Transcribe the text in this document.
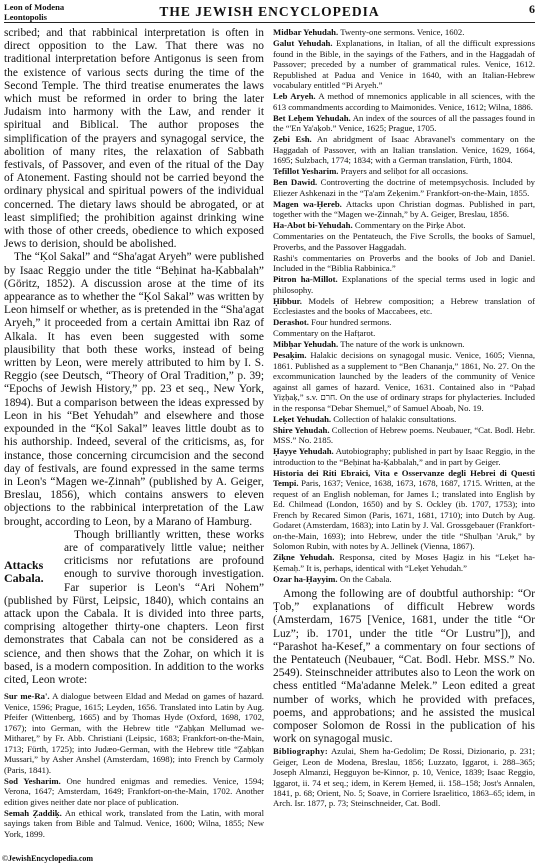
Leon of Modena
Leontopolis	THE JEWISH ENCYCLOPEDIA	6

scribed; and that rabbinical interpretation is often in direct opposition to the Law. That there was no traditional interpretation before Antigonus is seen from the existence of various sects during the time of the Second Temple. The third treatise enumerates the laws which must be reformed in order to bring the later Judaism into harmony with the Law, and render it spiritual and Biblical. The author proposes the simplification of the prayers and synagogal service, the abolition of many rites, the relaxation of Sabbath festivals, of Passover, and even of the ritual of the Day of Atonement. Fasting should not be carried beyond the ordinary physical and spiritual powers of the individual concerned. The dietary laws should be abrogated, or at least simplified; the prohibition against drinking wine with those of other creeds, obedience to which exposed Jews to derision, should be abolished.

The “Ḳol Sakal” and “Sha'agat Aryeh” were published by Isaac Reggio under the title “Beḥinat ha-Ḳabbalah” (Göritz, 1852). A discussion arose at the time of its appearance as to whether the “Ḳol Sakal” was written by Leon himself or whether, as is pretended in the “Sha'agat Aryeh,” it proceeded from a certain Amittai ibn Raz of Alkala. It has even been suggested with some plausibility that both these works, instead of being written by Leon, were merely attributed to him by I. S. Reggio (see Deutsch, “Theory of Oral Tradition,” p. 39; “Epochs of Jewish History,” pp. 23 et seq., New York, 1894). But a comparison between the ideas expressed by Leon in his “Bet Yehudah” and elsewhere and those expounded in the “Ḳol Sakal” leaves little doubt as to his authorship. Indeed, several of the criticisms, as, for instance, those concerning circumcision and the second day of festivals, are found expressed in the same terms in Leon's “Magen we-Ẓinnah” (published by A. Geiger, Breslau, 1856), which contains answers to eleven objections to the rabbinical interpretation of the Law brought, according to Leon, by a Marano of Hamburg.

Attacks Cabala.

Though brilliantly written, these works are of comparatively little value; neither criticisms nor refutations are profound enough to survive thorough investigation. Far superior is Leon's “Ari Nohem” (published by Fürst, Leipsic, 1840), which contains an attack upon the Cabala. It is divided into three parts, comprising altogether thirty-one chapters. Leon first demonstrates that Cabala can not be considered as a science, and then shows that the Zohar, on which it is based, is a modern composition. In addition to the works cited, Leon wrote:

Sur me-Ra'. A dialogue between Eldad and Medad on games of hazard. Venice, 1596; Prague, 1615; Leyden, 1656. Translated into Latin by Aug. Pfeifer (Wittenberg, 1665) and by Thomas Hyde (Oxford, 1698, 1702, 1767); into German, with the Hebrew title “Ẓaḥḳan Mellumad we-Mithareṭ,” by Fr. Abb. Christiani (Leipsic, 1683; Frankfort-on-the-Main, 1713; Fürth, 1725); into Judæo-German, with the Hebrew title “Ẓaḥḳan Mussari,” by Asher Anshel (Amsterdam, 1698); into French by Carmoly (Paris, 1841).

Sod Yesharim. One hundred enigmas and remedies. Venice, 1594; Verona, 1647; Amsterdam, 1649; Frankfort-on-the-Main, 1702. Another edition gives neither date nor place of publication.

Semah Ẓaddiḳ. An ethical work, translated from the Latin, with moral sayings taken from Bible and Talmud. Venice, 1600; Wilna, 1855; New York, 1899.

Midbar Yehudah. Twenty-one sermons. Venice, 1602.

Galut Yehudah. Explanations, in Italian, of all the difficult expressions found in the Bible, in the sayings of the Fathers, and in the Haggadah of Passover; preceded by a number of grammatical rules. Venice, 1612. Republished at Padua and Venice in 1640, with an Italian-Hebrew vocabulary entitled “Pi Aryeh.”

Leb Aryeh. A method of mnemonics applicable in all sciences, with the 613 commandments according to Maimonides. Venice, 1612; Wilna, 1886.

Bet Leḥem Yehudah. An index of the sources of all the passages found in the “'En Ya'aḳob.” Venice, 1625; Prague, 1705.

Ẓebi Esh. An abridgment of Isaac Abravanel's commentary on the Haggadah of Passover, with an Italian translation. Venice, 1629, 1664, 1695; Sulzbach, 1774; 1834; with a German translation, Fürth, 1804.

Tefillot Yesharim. Prayers and seliḥot for all occasions.

Ben Dawid. Controverting the doctrine of metempsychosis. Included by Eliezer Ashkenazi in the “Ṭa'am Zeḳenim.” Frankfort-on-the-Main, 1855.

Magen wa-Ḥereb. Attacks upon Christian dogmas. Published in part, together with the “Magen we-Ẓinnah,” by A. Geiger, Breslau, 1856.

Ha-Abot bi-Yehudah. Commentary on the Pirḳe Abot.

Commentaries on the Pentateuch, the Five Scrolls, the books of Samuel, Proverbs, and the Passover Haggadah.

Rashi's commentaries on Proverbs and the books of Job and Daniel. Included in the “Biblia Rabbinica.”

Pitron ha-Millot. Explanations of the special terms used in logic and philosophy.

Ḥibbur. Models of Hebrew composition; a Hebrew translation of Ecclesiastes and the books of Maccabees, etc.

Derashot. Four hundred sermons.

Commentary on the Hafṭarot.

Mibḥar Yehudah. The nature of the work is unknown.

Pesaḳim. Halakic decisions on synagogal music. Venice, 1605; Vienna, 1861. Published as a supplement to “Ben Chananja,” 1861, No. 27. On the excommunication launched by the leaders of the community of Venice against all games of hazard. Venice, 1631. Contained also in “Paḥad Yiẓḥaḳ,” s.v. חרם. On the use of ordinary straps for phylacteries. Included in the responsa “Debar Shemuel,” of Samuel Aboab, No. 19.

Leḳet Yehudah. Collection of halakic consultations.

Shire Yehudah. Collection of Hebrew poems. Neubauer, “Cat. Bodl. Hebr. MSS.” No. 2185.

Ḥayye Yehudah. Autobiography; published in part by Isaac Reggio, in the introduction to the “Beḥinat ha-Ḳabbalah,” and in part by Geiger.

Historia dei Riti Ebraici, Vita e Osservanze degli Hebrei di Questi Tempi. Paris, 1637; Venice, 1638, 1673, 1678, 1687, 1715. Written, at the request of an English nobleman, for James I.; translated into English by Ed. Chilmead (London, 1650) and by S. Ockley (ib. 1707, 1753); into French by Recared Simon (Paris, 1671, 1681, 1710); into Dutch by Aug. Godaret (Amsterdam, 1683); into Latin by J. Val. Grossgebauer (Frankfort-on-the-Main, 1693); into Hebrew, under the title “Shulḥan 'Aruk,” by Solomon Rubin, with notes by A. Jellinek (Vienna, 1867).

Ziḳne Yehudah. Responsa, cited by Moses Ḥagiz in his “Leḳet ha-Ḳemaḥ.” It is, perhaps, identical with “Leḳet Yehudah.”

Ozar ha-Ḥayyim. On the Cabala.

Among the following are of doubtful authorship: “Or Ṭob,” explanations of difficult Hebrew words (Amsterdam, 1675 [Venice, 1681, under the title “Or Luz”; ib. 1701, under the title “Or Lustru”]), and “Parashot ha-Kesef,” a commentary on four sections of the Pentateuch (Neubauer, “Cat. Bodl. Hebr. MSS.” No. 2549). Steinschneider attributes also to Leon the work on chess entitled “Ma'adanne Melek.” Leon edited a great number of works, which he provided with prefaces, poems, and approbations; and he assisted the musical composer Solomon de Rossi in the publication of his work on synagogal music.

Bibliography: Azulai, Shem ha-Gedolim; De Rossi, Dizionario, p. 231; Geiger, Leon de Modena, Breslau, 1856; Luzzato, Iggarot, i. 288–365; Joseph Almanzi, Hegguyon be-Kinnor, p. 10, Venice, 1839; Isaac Reggio, Iggarot, ii. 74 et seq.; idem, in Kerem Ḥemed, ii. 158–158; Jost's Annalen, 1841, p. 68; Orient, No. 5; Soave, in Corriere Israelitico, 1863–65; idem, in Arch. Isr. 1877, p. 73; Steinschneider, Cat. Bodl.

©JewishEncyclopedia.com
